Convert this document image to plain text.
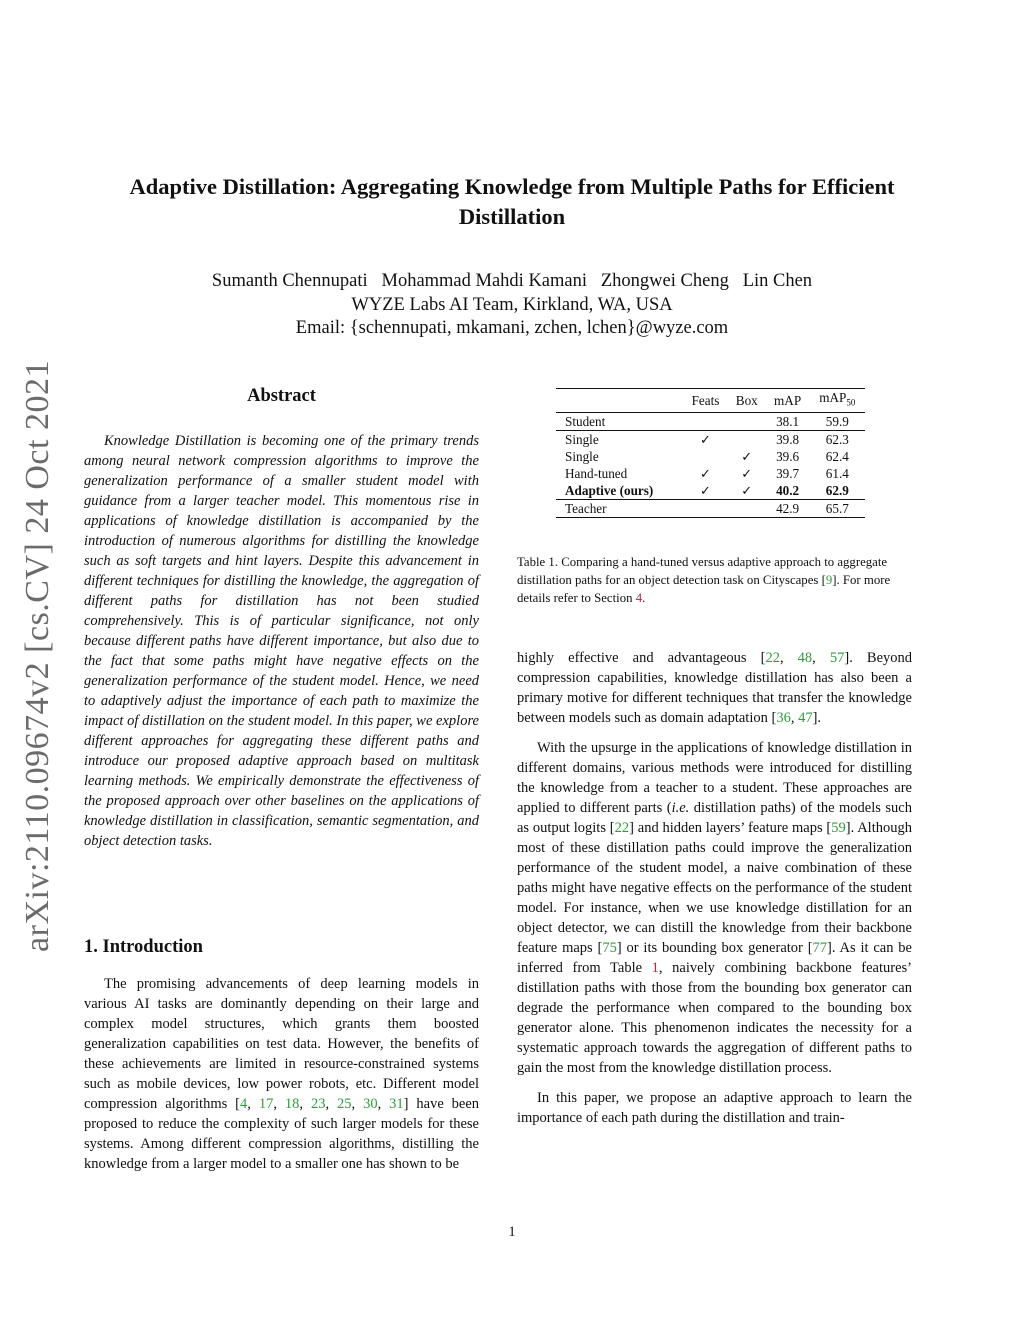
arXiv:2110.09674v2 [cs.CV] 24 Oct 2021
Adaptive Distillation: Aggregating Knowledge from Multiple Paths for Efficient
Distillation
Sumanth Chennupati   Mohammad Mahdi Kamani   Zhongwei Cheng   Lin Chen
WYZE Labs AI Team, Kirkland, WA, USA
Email: {schennupati, mkamani, zchen, lchen}@wyze.com
Abstract

Knowledge Distillation is becoming one of the primary trends among neural network compression algorithms to improve the generalization performance of a smaller student model with guidance from a larger teacher model. This momentous rise in applications of knowledge distillation is accompanied by the introduction of numerous algorithms for distilling the knowledge such as soft targets and hint layers. Despite this advancement in different techniques for distilling the knowledge, the aggregation of different paths for distillation has not been studied comprehensively. This is of particular significance, not only because different paths have different importance, but also due to the fact that some paths might have negative effects on the generalization performance of the student model. Hence, we need to adaptively adjust the importance of each path to maximize the impact of distillation on the student model. In this paper, we explore different approaches for aggregating these different paths and introduce our proposed adaptive approach based on multitask learning methods. We empirically demonstrate the effectiveness of the proposed approach over other baselines on the applications of knowledge distillation in classification, semantic segmentation, and object detection tasks.

1. Introduction

The promising advancements of deep learning models in various AI tasks are dominantly depending on their large and complex model structures, which grants them boosted generalization capabilities on test data. However, the benefits of these achievements are limited in resource-constrained systems such as mobile devices, low power robots, etc. Different model compression algorithms [4, 17, 18, 23, 25, 30, 31] have been proposed to reduce the complexity of such larger models for these systems. Among different compression algorithms, distilling the knowledge from a larger model to a smaller one has shown to be

	Feats	Box	mAP	mAP$_{50}$
Student			38.1	59.9
Single	✓		39.8	62.3
Single		✓	39.6	62.4
Hand-tuned	✓	✓	39.7	61.4
Adaptive (ours)	✓	✓	40.2	62.9
Teacher			42.9	65.7
Table 1. Comparing a hand-tuned versus adaptive approach to aggregate distillation paths for an object detection task on Cityscapes [9]. For more details refer to Section 4.

highly effective and advantageous [22, 48, 57]. Beyond compression capabilities, knowledge distillation has also been a primary motive for different techniques that transfer the knowledge between models such as domain adaptation [36, 47].

With the upsurge in the applications of knowledge distillation in different domains, various methods were introduced for distilling the knowledge from a teacher to a student. These approaches are applied to different parts (i.e. distillation paths) of the models such as output logits [22] and hidden layers’ feature maps [59]. Although most of these distillation paths could improve the generalization performance of the student model, a naive combination of these paths might have negative effects on the performance of the student model. For instance, when we use knowledge distillation for an object detector, we can distill the knowledge from their backbone feature maps [75] or its bounding box generator [77]. As it can be inferred from Table 1, naively combining backbone features’ distillation paths with those from the bounding box generator can degrade the performance when compared to the bounding box generator alone. This phenomenon indicates the necessity for a systematic approach towards the aggregation of different paths to gain the most from the knowledge distillation process.

In this paper, we propose an adaptive approach to learn the importance of each path during the distillation and train-

1
